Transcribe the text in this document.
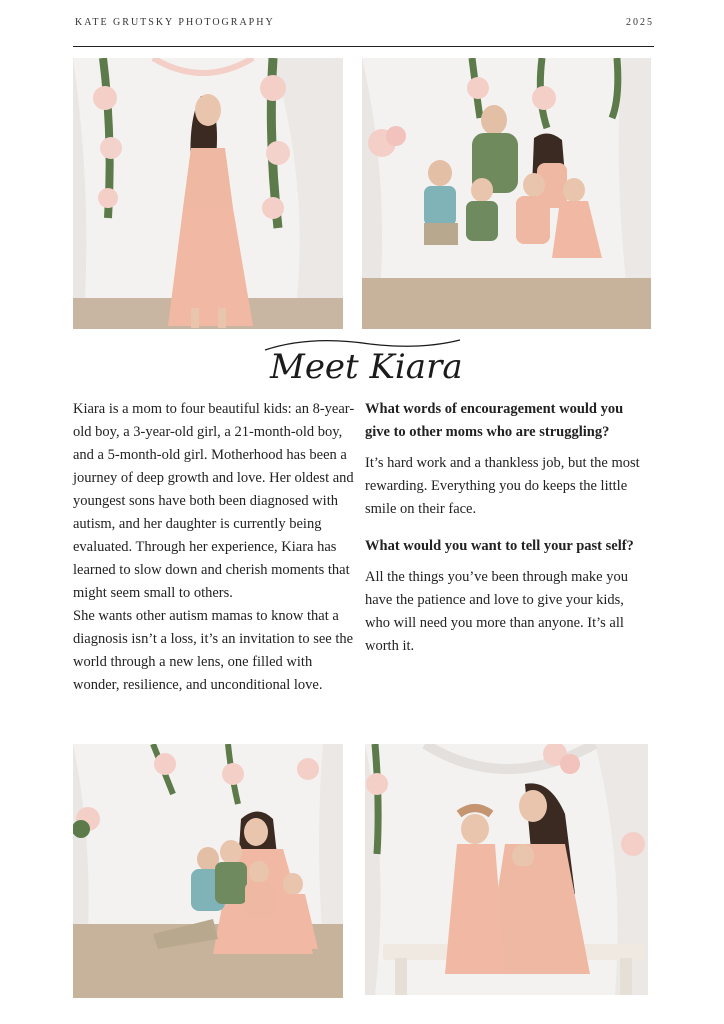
KATE GRUTSKY PHOTOGRAPHY	2025
Meet Kiara

Kiara is a mom to four beautiful kids: an 8-year-old boy, a 3-year-old girl, a 21-month-old boy, and a 5-month-old girl. Motherhood has been a journey of deep growth and love. Her oldest and youngest sons have both been diagnosed with autism, and her daughter is currently being evaluated. Through her experience, Kiara has learned to slow down and cherish moments that might seem small to others.

She wants other autism mamas to know that a diagnosis isn’t a loss, it’s an invitation to see the world through a new lens, one filled with wonder, resilience, and unconditional love.

What words of encouragement would you give to other moms who are struggling?

It’s hard work and a thankless job, but the most rewarding. Everything you do keeps the little smile on their face.

What would you want to tell your past self?

All the things you’ve been through make you have the patience and love to give your kids, who will need you more than anyone. It’s all worth it.
